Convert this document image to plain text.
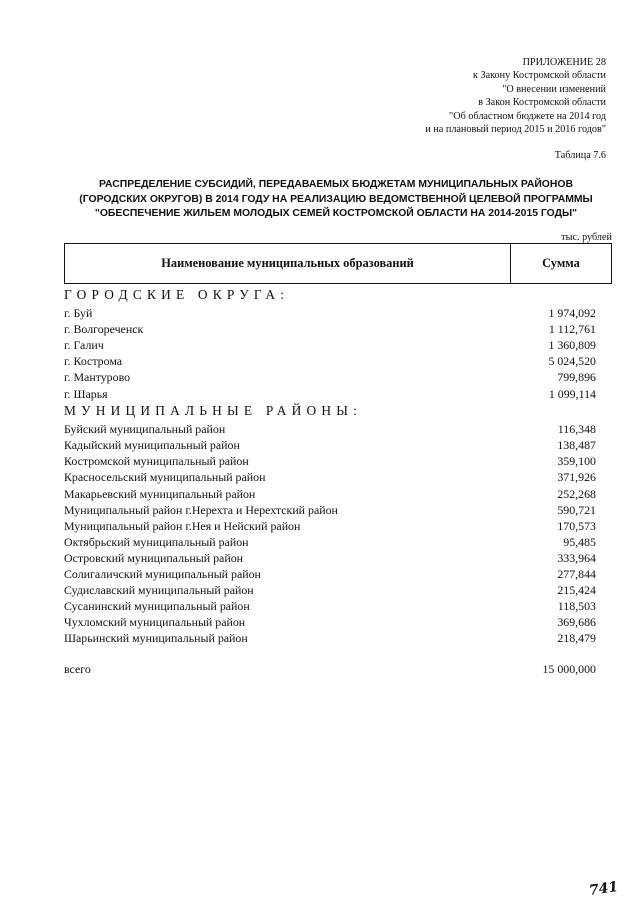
ПРИЛОЖЕНИЕ 28
к Закону Костромской области
"О внесении изменений
в Закон Костромской области
"Об областном бюджете на 2014 год
и на плановый период 2015 и 2016 годов"
Таблица 7.6
РАСПРЕДЕЛЕНИЕ СУБСИДИЙ, ПЕРЕДАВАЕМЫХ БЮДЖЕТАМ МУНИЦИПАЛЬНЫХ РАЙОНОВ
(ГОРОДСКИХ ОКРУГОВ) В 2014 ГОДУ НА РЕАЛИЗАЦИЮ ВЕДОМСТВЕННОЙ ЦЕЛЕВОЙ ПРОГРАММЫ
"ОБЕСПЕЧЕНИЕ ЖИЛЬЕМ МОЛОДЫХ СЕМЕЙ КОСТРОМСКОЙ ОБЛАСТИ НА 2014-2015 ГОДЫ"
тыс. рублей
Наименование муниципальных образований	Сумма
ГОРОДСКИЕ ОКРУГА:
г. Буй	1 974,092
г. Волгореченск	1 112,761
г. Галич	1 360,809
г. Кострома	5 024,520
г. Мантурово	799,896
г. Шарья	1 099,114
МУНИЦИПАЛЬНЫЕ РАЙОНЫ:
Буйский муниципальный район	116,348
Кадыйский муниципальный район	138,487
Костромской муниципальный район	359,100
Красносельский муниципальный район	371,926
Макарьевский муниципальный район	252,268
Муниципальный район г.Нерехта и Нерехтский район	590,721
Муниципальный район г.Нея и Нейский район	170,573
Октябрьский муниципальный район	95,485
Островский муниципальный район	333,964
Солигаличский муниципальный район	277,844
Судиславский муниципальный район	215,424
Сусанинский муниципальный район	118,503
Чухломский муниципальный район	369,686
Шарьинский муниципальный район	218,479
всего	15 000,000
741
